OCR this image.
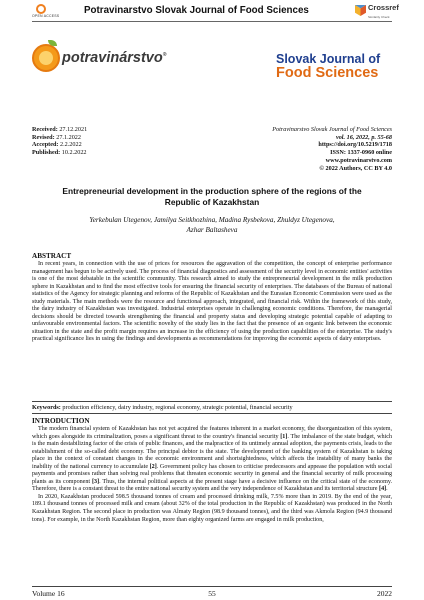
OPEN ACCESS	Potravinarstvo Slovak Journal of Food Sciences	Crossref
Similarity Check
potravinárstvo®	Slovak Journal of
Food Sciences
Received: 27.12.2021
Revised: 27.1.2022
Accepted: 2.2.2022
Published: 10.2.2022
Potravinarstvo Slovak Journal of Food Sciences
vol. 16, 2022, p. 55-68
https://doi.org/10.5219/1718
ISSN: 1337-0960 online
www.potravinarstvo.com
© 2022 Authors, CC BY 4.0
Entrepreneurial development in the production sphere of the regions of the
Republic of Kazakhstan
Yerkebulan Utegenov, Jamilya Seitkhozhina, Madina Rysbekova, Zhuldyz Utegenova,
Azhar Baltasheva
ABSTRACT

In recent years, in connection with the use of prices for resources the aggravation of the competition, the concept of enterprise performance management has begun to be actively used. The process of financial diagnostics and assessment of the security level in economic entities' activities is one of the most debatable in the scientific community. This research aimed to study the entrepreneurial development in the milk production sphere in Kazakhstan and to find the most effective tools for ensuring the financial security of enterprises. The databases of the Bureau of national statistics of the Agency for strategic planning and reforms of the Republic of Kazakhstan and the Eurasian Economic Commission were used as the study materials. The main methods were the resource and functional approach, integrated, and financial risk. Within the framework of this study, the dairy industry of Kazakhstan was investigated. Industrial enterprises operate in challenging economic conditions. Therefore, the managerial decisions should be directed towards strengthening the financial and property status and developing strategic potential capable of adapting to unfavourable environmental factors. The scientific novelty of the study lies in the fact that the presence of an organic link between the economic situation in the state and the profit margin requires an increase in the efficiency of using the production capabilities of the enterprise. The study's practical significance lies in using the findings and developments as recommendations for improving the economic aspects of dairy enterprises.

Keywords: production efficiency, dairy industry, regional economy, strategic potential, financial security
INTRODUCTION

The modern financial system of Kazakhstan has not yet acquired the features inherent in a market economy, the disorganization of this system, which goes alongside its criminalization, poses a significant threat to the country's financial security [1]. The imbalance of the state budget, which is the main destabilizing factor of the crisis of public finances, and the malpractice of its untimely annual adoption, the payments crisis, leads to the establishment of the so-called debt economy. The principal debtor is the state. The development of the banking system of Kazakhstan is taking place in the context of constant changes in the economic environment and shortsightedness, which affects the instability of many banks the inability of the national currency to accumulate [2]. Government policy has chosen to criticise predecessors and appease the population with social payments and promises rather than solving real problems that threaten economic security in general and the financial security of milk processing plants as its component [3]. Thus, the internal political aspects at the present stage have a decisive influence on the critical state of the economy. Therefore, there is a constant threat to the entire national security system and the very independence of Kazakhstan and its territorial structure [4].

In 2020, Kazakhstan produced 598.5 thousand tonnes of cream and processed drinking milk, 7.5% more than in 2019. By the end of the year, 189.1 thousand tonnes of processed milk and cream (about 32% of the total production in the Republic of Kazakhstan) was produced in the North Kazakhstan Region. The second place in production was Almaty Region (98.9 thousand tonnes), and the third was Akmola Region (94.9 thousand tons). For example, in the North Kazakhstan Region, more than eighty organized farms are engaged in milk production,

Volume 16	55	2022
